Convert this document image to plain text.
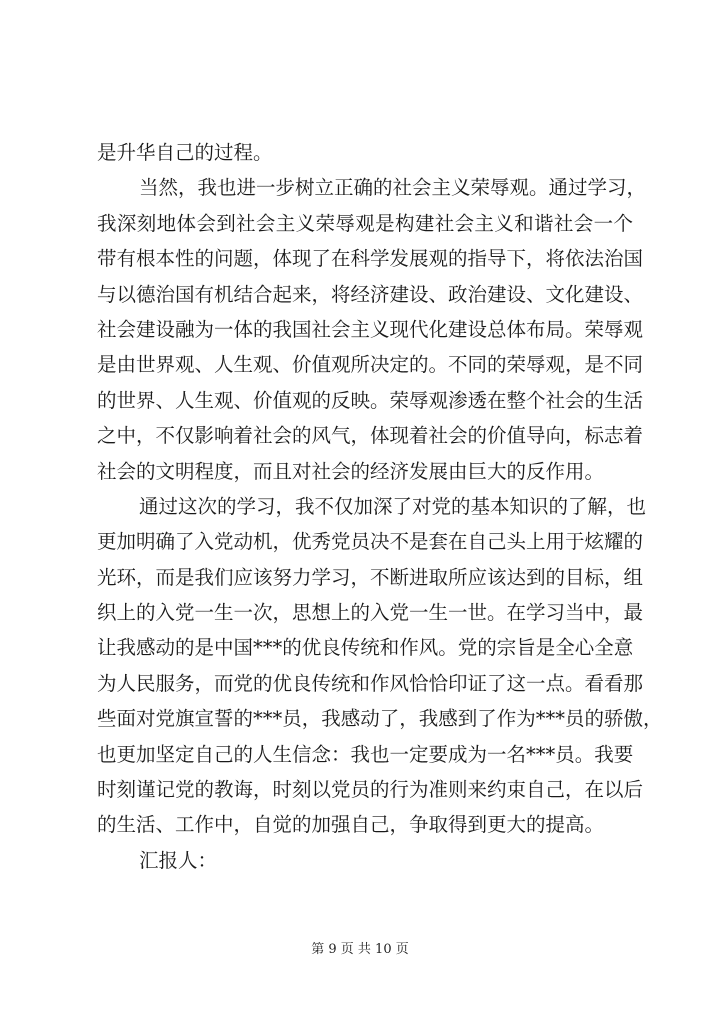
是升华自己的过程。
当然，我也进一步树立正确的社会主义荣辱观。通过学习，
我深刻地体会到社会主义荣辱观是构建社会主义和谐社会一个
带有根本性的问题，体现了在科学发展观的指导下，将依法治国
与以德治国有机结合起来，将经济建设、政治建设、文化建设、
社会建设融为一体的我国社会主义现代化建设总体布局。荣辱观
是由世界观、人生观、价值观所决定的。不同的荣辱观，是不同
的世界、人生观、价值观的反映。荣辱观渗透在整个社会的生活
之中，不仅影响着社会的风气，体现着社会的价值导向，标志着
社会的文明程度，而且对社会的经济发展由巨大的反作用。
通过这次的学习，我不仅加深了对党的基本知识的了解，也
更加明确了入党动机，优秀党员决不是套在自己头上用于炫耀的
光环，而是我们应该努力学习，不断进取所应该达到的目标，组
织上的入党一生一次，思想上的入党一生一世。在学习当中，最
让我感动的是中国***的优良传统和作风。党的宗旨是全心全意
为人民服务，而党的优良传统和作风恰恰印证了这一点。看看那
些面对党旗宣誓的***员，我感动了，我感到了作为***员的骄傲，
也更加坚定自己的人生信念：我也一定要成为一名***员。我要
时刻谨记党的教诲，时刻以党员的行为准则来约束自己，在以后
的生活、工作中，自觉的加强自己，争取得到更大的提高。
汇报人：
第 9 页 共 10 页
